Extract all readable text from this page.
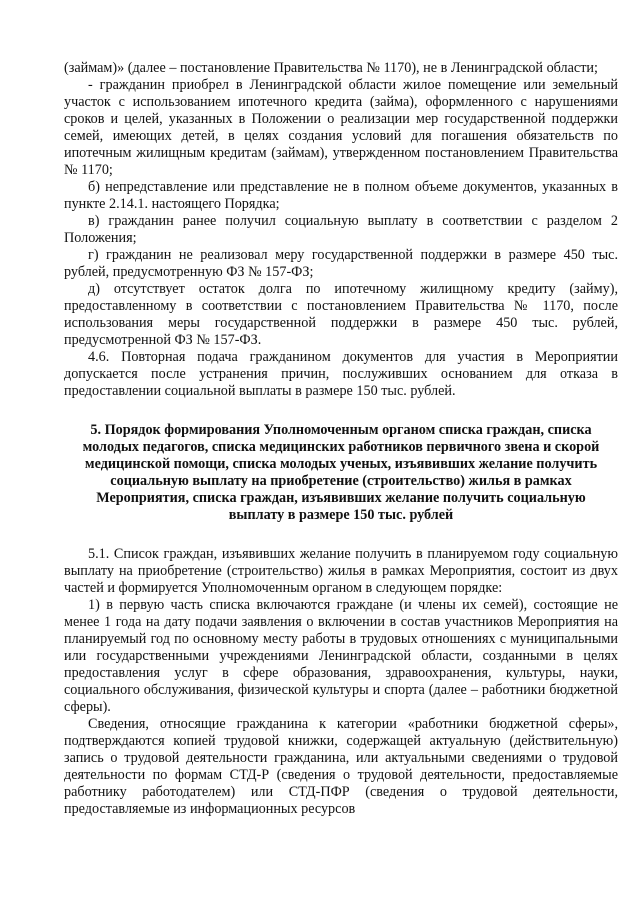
(займам)» (далее – постановление Правительства № 1170), не в Ленинградской области;

- гражданин приобрел в Ленинградской области жилое помещение или земельный участок с использованием ипотечного кредита (займа), оформленного с нарушениями сроков и целей, указанных в Положении о реализации мер государственной поддержки семей, имеющих детей, в целях создания условий для погашения обязательств по ипотечным жилищным кредитам (займам), утвержденном постановлением Правительства № 1170;

б) непредставление или представление не в полном объеме документов, указанных в пункте 2.14.1. настоящего Порядка;

в) гражданин ранее получил социальную выплату в соответствии с разделом 2 Положения;

г) гражданин не реализовал меру государственной поддержки в размере 450 тыс. рублей, предусмотренную ФЗ № 157-ФЗ;

д) отсутствует остаток долга по ипотечному жилищному кредиту (займу), предоставленному в соответствии с постановлением Правительства № 1170, после использования меры государственной поддержки в размере 450 тыс. рублей, предусмотренной ФЗ № 157-ФЗ.

4.6. Повторная подача гражданином документов для участия в Мероприятии допускается после устранения причин, послуживших основанием для отказа в предоставлении социальной выплаты в размере 150 тыс. рублей.

5. Порядок формирования Уполномоченным органом списка граждан, списка молодых педагогов, списка медицинских работников первичного звена и скорой медицинской помощи, списка молодых ученых, изъявивших желание получить социальную выплату на приобретение (строительство) жилья в рамках Мероприятия, списка граждан, изъявивших желание получить социальную выплату в размере 150 тыс. рублей

5.1. Список граждан, изъявивших желание получить в планируемом году социальную выплату на приобретение (строительство) жилья в рамках Мероприятия, состоит из двух частей и формируется Уполномоченным органом в следующем порядке:

1) в первую часть списка включаются граждане (и члены их семей), состоящие не менее 1 года на дату подачи заявления о включении в состав участников Мероприятия на планируемый год по основному месту работы в трудовых отношениях с муниципальными или государственными учреждениями Ленинградской области, созданными в целях предоставления услуг в сфере образования, здравоохранения, культуры, науки, социального обслуживания, физической культуры и спорта (далее – работники бюджетной сферы).

Сведения, относящие гражданина к категории «работники бюджетной сферы», подтверждаются копией трудовой книжки, содержащей актуальную (действительную) запись о трудовой деятельности гражданина, или актуальными сведениями о трудовой деятельности по формам СТД-Р (сведения о трудовой деятельности, предоставляемые работнику работодателем) или СТД-ПФР (сведения о трудовой деятельности, предоставляемые из информационных ресурсов
